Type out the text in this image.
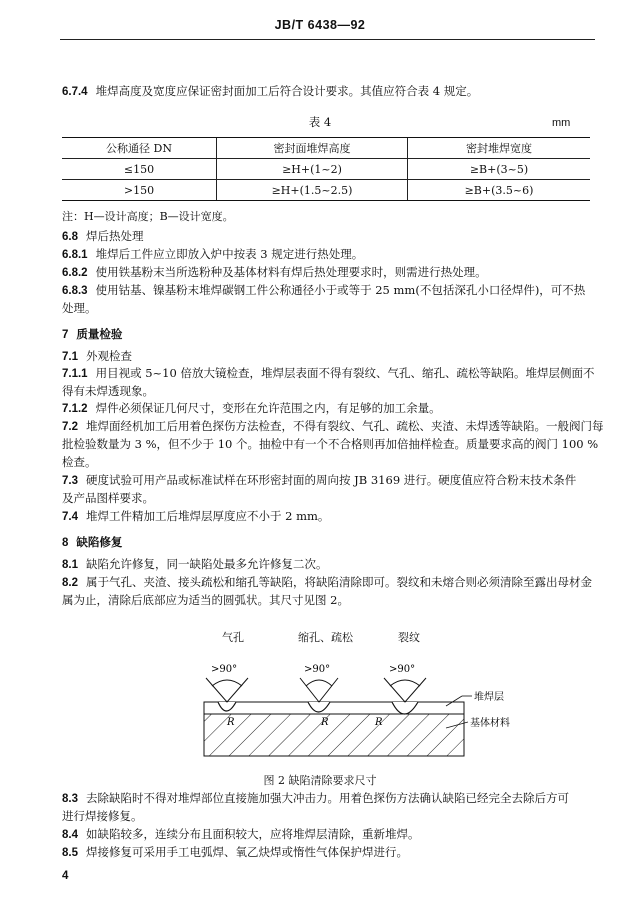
JB/T 6438—92
6.7.4 堆焊高度及宽度应保证密封面加工后符合设计要求。其值应符合表 4 规定。
表 4	mm
公称通径 DN	密封面堆焊高度	密封堆焊宽度
≤150	≥H+(1~2)	≥B+(3~5)
>150	≥H+(1.5~2.5)	≥B+(3.5~6)
注：H—设计高度；B—设计宽度。
6.8 焊后热处理
6.8.1 堆焊后工件应立即放入炉中按表 3 规定进行热处理。
6.8.2 使用铁基粉末当所选粉种及基体材料有焊后热处理要求时，则需进行热处理。
6.8.3 使用钴基、镍基粉末堆焊碳钢工件公称通径小于或等于 25 mm(不包括深孔小口径焊件)，可不热
处理。
7 质量检验
7.1 外观检查
7.1.1 用目视或 5~10 倍放大镜检查，堆焊层表面不得有裂纹、气孔、缩孔、疏松等缺陷。堆焊层侧面不
得有未焊透现象。
7.1.2 焊件必须保证几何尺寸，变形在允许范围之内，有足够的加工余量。
7.2 堆焊面经机加工后用着色探伤方法检查，不得有裂纹、气孔、疏松、夹渣、未焊透等缺陷。一般阀门每
批检验数量为 3 %，但不少于 10 个。抽检中有一个不合格则再加倍抽样检查。质量要求高的阀门 100 %
检查。
7.3 硬度试验可用产品或标准试样在环形密封面的周向按 JB 3169 进行。硬度值应符合粉末技术条件
及产品图样要求。
7.4 堆焊工件精加工后堆焊层厚度应不小于 2 mm。
8 缺陷修复
8.1 缺陷允许修复，同一缺陷处最多允许修复二次。
8.2 属于气孔、夹渣、接头疏松和缩孔等缺陷，将缺陷清除即可。裂纹和未熔合则必须清除至露出母材金
属为止，清除后底部应为适当的圆弧状。其尺寸见图 2。
气孔	缩孔、疏松	裂纹
>90°	>90°	>90°
R	R	R
堆焊层
基体材料
图 2 缺陷清除要求尺寸
8.3 去除缺陷时不得对堆焊部位直接施加强大冲击力。用着色探伤方法确认缺陷已经完全去除后方可
进行焊接修复。
8.4 如缺陷较多，连续分布且面积较大，应将堆焊层清除，重新堆焊。
8.5 焊接修复可采用手工电弧焊、氧乙炔焊或惰性气体保护焊进行。
4
